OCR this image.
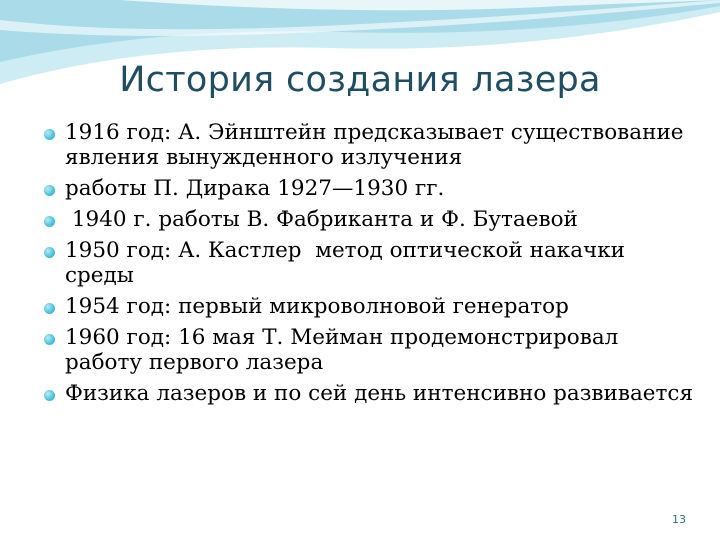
История создания лазера
1916 год: А. Эйнштейн предсказывает существование явления вынужденного излучения
работы П. Дирака 1927—1930 гг.
1940 г. работы В. Фабриканта и Ф. Бутаевой
1950 год: А. Кастлер  метод оптической накачки среды
1954 год: первый микроволновой генератор
1960 год: 16 мая Т. Мейман продемонстрировал работу первого лазера
Физика лазеров и по сей день интенсивно развивается
13
